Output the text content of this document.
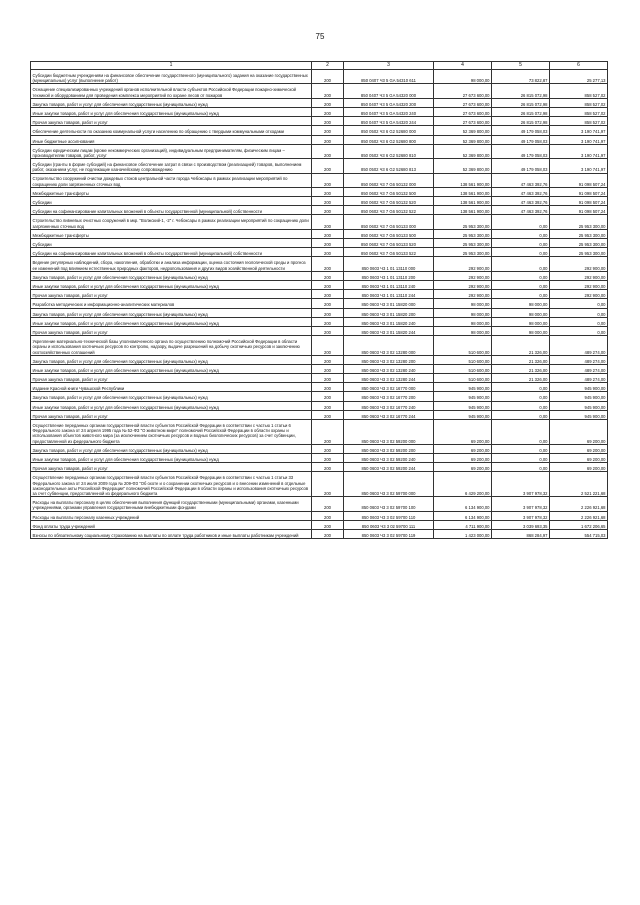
75
1	2	3	4	5	6
Субсидии бюджетным учреждениям на финансовое обеспечение государственного (муниципального) задания на оказание государственных (муниципальных) услуг (выполнение работ)	200	850 0407 Ч3 5 GA 54310 611	98 000,00	73 822,87	25 277,13
Оснащение специализированных учреждений органов исполнительной власти субъектов Российской Федерации пожарно-химической техникой и оборудованием для проведения комплекса мероприятий по охране лесов от пожаров	200	850 0407 Ч3 5 GA 54320 000	27 673 600,00	26 815 072,98	858 527,02
Закупка товаров, работ и услуг для обеспечения государственных (муниципальных) нужд	200	850 0407 Ч3 5 GA 54320 200	27 673 600,00	26 815 072,98	858 527,02
Иные закупки товаров, работ и услуг для обеспечения государственных (муниципальных) нужд	200	850 0407 Ч3 5 GA 54320 240	27 673 600,00	26 815 072,98	858 527,02
Прочая закупка товаров, работ и услуг	200	850 0407 Ч3 5 GA 54320 244	27 673 600,00	26 815 072,98	858 527,02
Обеспечение деятельности по оказанию коммунальной услуги населению по обращению с твердыми коммунальными отходами	200	850 0502 Ч3 6 G2 52680 000	52 369 800,00	49 179 058,03	3 190 741,97
Иные бюджетные ассигнования	200	850 0502 Ч3 6 G2 52680 800	52 369 800,00	49 179 058,03	3 190 741,97
Субсидии юридическим лицам (кроме некоммерческих организаций), индивидуальным предпринимателям, физическим лицам – производителям товаров, работ, услуг	200	850 0502 Ч3 6 G2 52680 810	52 369 800,00	49 179 058,03	3 190 741,97
Субсидии (гранты в форме субсидий) на финансовое обеспечение затрат в связи с производством (реализацией) товаров, выполнением работ, оказанием услуг, не подлежащие казначейскому сопровождению	200	850 0502 Ч3 6 G2 52680 813	52 369 800,00	49 179 058,03	3 190 741,97
Строительство сооружений очистки дождевых стоков центральной части города Чебоксары в рамках реализации мероприятий по сокращению доли загрязненных сточных вод	200	850 0602 Ч3 7 G6 50132 000	138 561 900,00	47 463 392,76	91 098 507,24
Межбюджетные трансферты	200	850 0602 Ч3 7 G6 50132 500	138 561 900,00	47 463 392,76	91 098 507,24
Субсидии	200	850 0602 Ч3 7 G6 50132 520	138 561 900,00	47 463 392,76	91 098 507,24
Субсидии на софинансирование капитальных вложений в объекты государственной (муниципальной) собственности	200	850 0602 Ч3 7 G6 50132 522	138 561 900,00	47 463 392,76	91 098 507,24
Строительство ливневых очистных сооружений в мкр. "Волжский-1, -2" г. Чебоксары в рамках реализации мероприятий по сокращению доли загрязненных сточных вод	200	850 0602 Ч3 7 G6 50133 000	25 953 300,00	0,00	25 953 300,00
Межбюджетные трансферты	200	850 0602 Ч3 7 G6 50133 500	25 953 300,00	0,00	25 953 300,00
Субсидии	200	850 0602 Ч3 7 G6 50133 520	25 953 300,00	0,00	25 953 300,00
Субсидии на софинансирование капитальных вложений в объекты государственной (муниципальной) собственности	200	850 0602 Ч3 7 G6 50133 522	25 953 300,00	0,00	25 953 300,00
Ведение регулярных наблюдений, сбора, накопления, обработки и анализа информации, оценка состояния геологической среды и прогноз ее изменений под влиянием естественных природных факторов, недропользования и других видов хозяйственной деятельности	200	850 0603 Ч3 1 01 13110 000	292 900,00	0,00	292 900,00
Закупка товаров, работ и услуг для обеспечения государственных (муниципальных) нужд	200	850 0603 Ч3 1 01 13110 200	292 900,00	0,00	292 900,00
Иные закупки товаров, работ и услуг для обеспечения государственных (муниципальных) нужд	200	850 0603 Ч3 1 01 13110 240	292 900,00	0,00	292 900,00
Прочая закупка товаров, работ и услуг	200	850 0603 Ч3 1 01 13110 244	292 900,00	0,00	292 900,00
Разработка методических и информационно-аналитических материалов	200	850 0603 Ч3 3 01 15820 000	98 000,00	98 000,00	0,00
Закупка товаров, работ и услуг для обеспечения государственных (муниципальных) нужд	200	850 0603 Ч3 3 01 15820 200	98 000,00	98 000,00	0,00
Иные закупки товаров, работ и услуг для обеспечения государственных (муниципальных) нужд	200	850 0603 Ч3 3 01 15820 240	98 000,00	98 000,00	0,00
Прочая закупка товаров, работ и услуг	200	850 0603 Ч3 3 01 15820 244	98 000,00	98 000,00	0,00
Укрепление материально-технической базы уполномоченного органа по осуществлению полномочий Российской Федерации в области охраны и использования охотничьих ресурсов по контролю, надзору, выдаче разрешений на добычу охотничьих ресурсов и заключению охотхозяйственных соглашений	200	850 0603 Ч3 3 02 13280 000	510 600,00	21 326,00	489 274,00
Закупка товаров, работ и услуг для обеспечения государственных (муниципальных) нужд	200	850 0603 Ч3 3 02 13280 200	510 600,00	21 326,00	489 274,00
Иные закупки товаров, работ и услуг для обеспечения государственных (муниципальных) нужд	200	850 0603 Ч3 3 02 13280 240	510 600,00	21 326,00	489 274,00
Прочая закупка товаров, работ и услуг	200	850 0603 Ч3 3 02 13280 244	510 600,00	21 326,00	489 274,00
Издание Красной книги Чувашской Республики	200	850 0603 Ч3 3 02 16770 000	945 900,00	0,00	945 900,00
Закупка товаров, работ и услуг для обеспечения государственных (муниципальных) нужд	200	850 0603 Ч3 3 02 16770 200	945 900,00	0,00	945 900,00
Иные закупки товаров, работ и услуг для обеспечения государственных (муниципальных) нужд	200	850 0603 Ч3 3 02 16770 240	945 900,00	0,00	945 900,00
Прочая закупка товаров, работ и услуг	200	850 0603 Ч3 3 02 16770 244	945 900,00	0,00	945 900,00
Осуществление переданных органам государственной власти субъектов Российской Федерации в соответствии с частью 1 статьи 6 Федерального закона от 24 апреля 1995 года № 52-ФЗ "О животном мире" полномочий Российской Федерации в области охраны и использования объектов животного мира (за исключением охотничьих ресурсов и водных биологических ресурсов) за счет субвенции, предоставленной из федерального бюджета	200	850 0603 Ч3 3 02 59200 000	69 200,00	0,00	69 200,00
Закупка товаров, работ и услуг для обеспечения государственных (муниципальных) нужд	200	850 0603 Ч3 3 02 59200 200	69 200,00	0,00	69 200,00
Иные закупки товаров, работ и услуг для обеспечения государственных (муниципальных) нужд	200	850 0603 Ч3 3 02 59200 240	69 200,00	0,00	69 200,00
Прочая закупка товаров, работ и услуг	200	850 0603 Ч3 3 02 59200 244	69 200,00	0,00	69 200,00
Осуществление переданных органам государственной власти субъектов Российской Федерации в соответствии с частью 1 статьи 33 Федерального закона от 24 июля 2009 года № 209-ФЗ "Об охоте и о сохранении охотничьих ресурсов и о внесении изменений в отдельные законодательные акты Российской Федерации" полномочий Российской Федерации в области охраны и использования охотничьих ресурсов за счет субвенции, предоставленной из федерального бюджета	200	850 0603 Ч3 3 02 59700 000	6 429 200,00	3 907 978,32	2 521 221,68
Расходы на выплаты персоналу в целях обеспечения выполнения функций государственными (муниципальными) органами, казенными учреждениями, органами управления государственными внебюджетными фондами	200	850 0603 Ч3 3 02 59700 100	6 134 900,00	3 907 978,32	2 226 921,68
Расходы на выплаты персоналу казенных учреждений	200	850 0603 Ч3 3 02 59700 110	6 134 900,00	3 907 978,32	2 226 921,68
Фонд оплаты труда учреждений	200	850 0603 Ч3 3 02 59700 111	4 711 900,00	3 039 693,35	1 672 206,65
Взносы по обязательному социальному страхованию на выплаты по оплате труда работников и иные выплаты работникам учреждений	200	850 0603 Ч3 3 02 59700 119	1 423 000,00	868 284,97	554 715,03
